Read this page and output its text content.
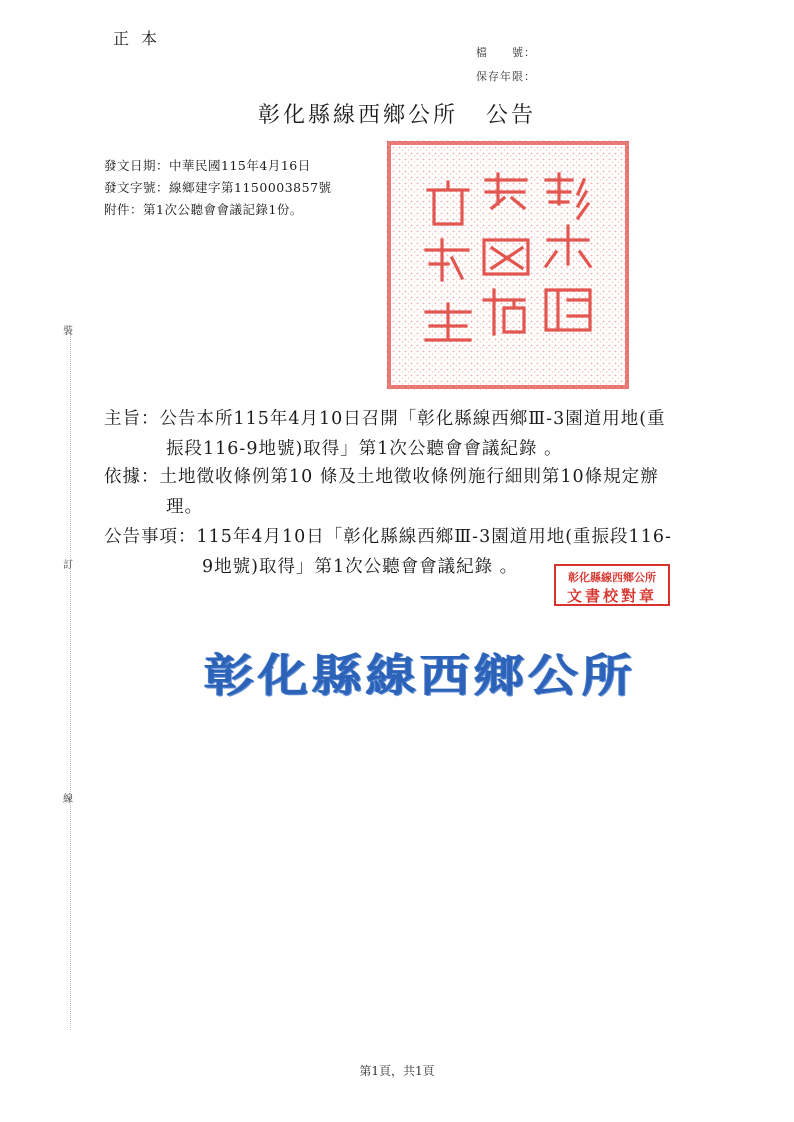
裝
訂
線
正本
檔　　號：
保存年限：
彰化縣線西鄉公所 公告
發文日期：中華民國115年4月16日
發文字號：線鄉建字第1150003857號
附件：第1次公聽會會議記錄1份。
主旨：公告本所115年4月10日召開「彰化縣線西鄉Ⅲ-3園道用地(重
振段116-9地號)取得」第1次公聽會會議紀錄 。
依據：土地徵收條例第10 條及土地徵收條例施行細則第10條規定辦
理。
公告事項：115年4月10日「彰化縣線西鄉Ⅲ-3園道用地(重振段116-
9地號)取得」第1次公聽會會議紀錄 。
彰化縣線西鄉公所
文書校對章
彰化縣線西鄉公所
第1頁，共1頁
